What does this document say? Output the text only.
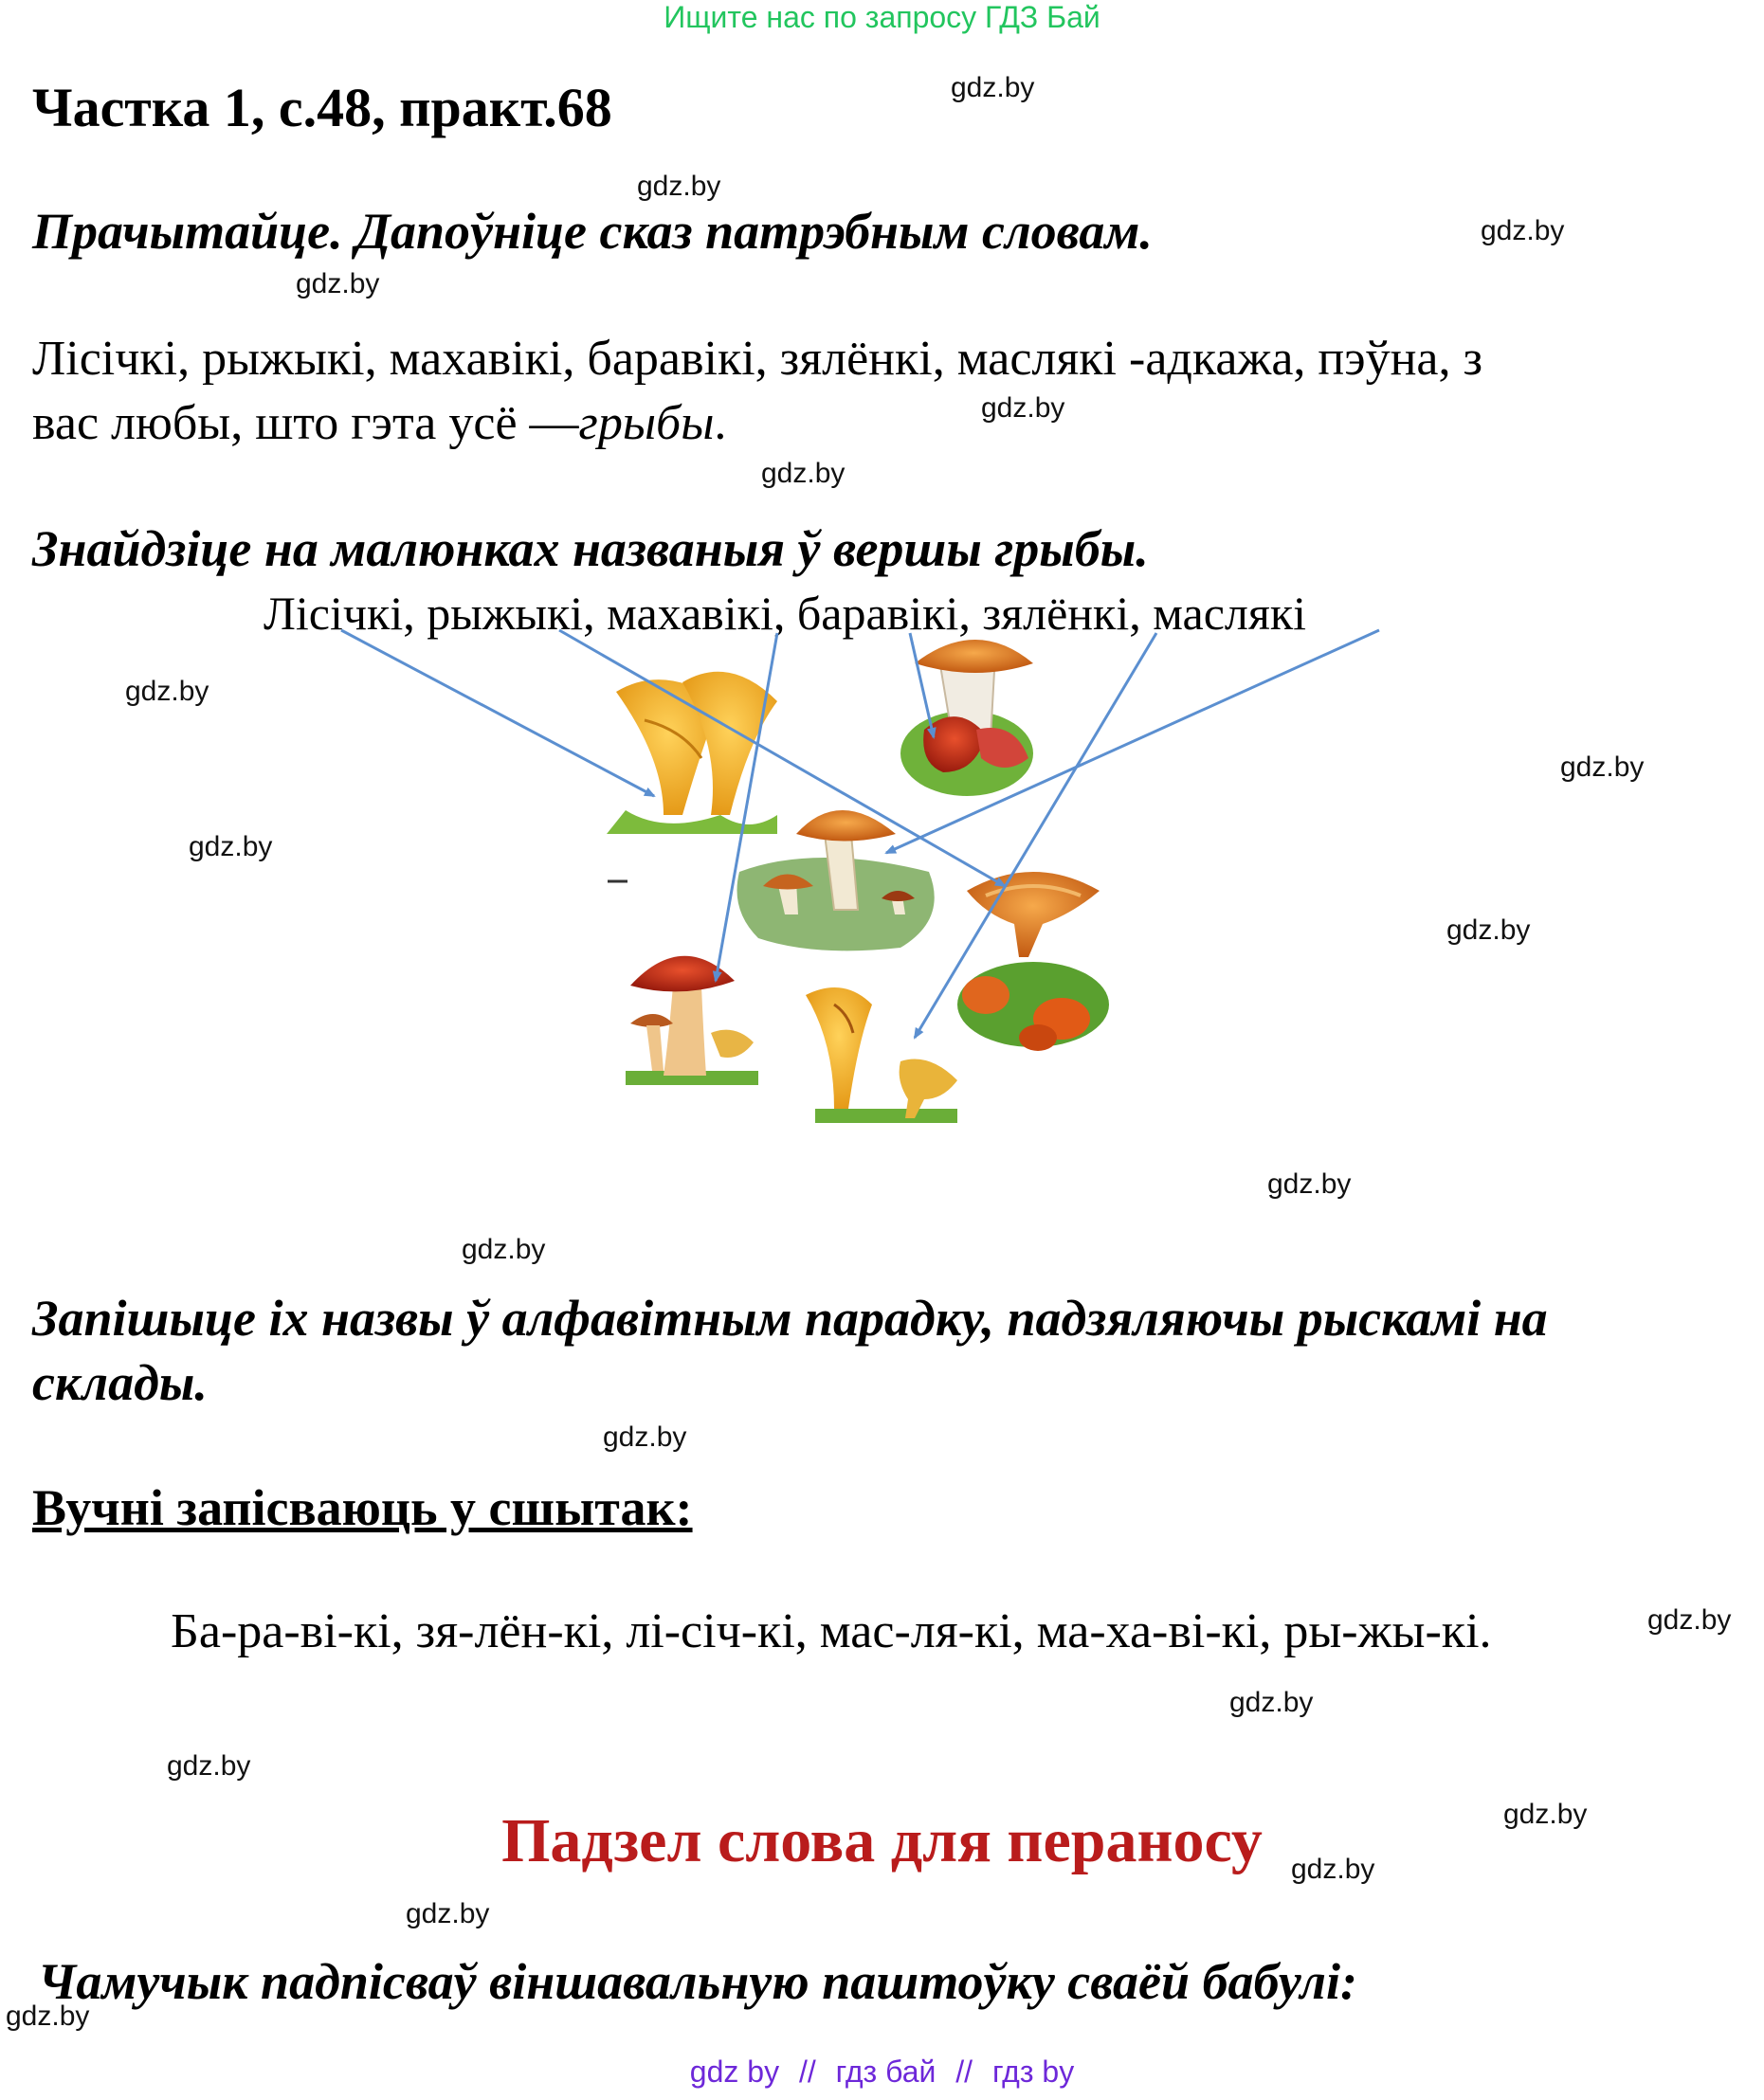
Ищите нас по запросу ГДЗ Бай
Частка 1, с.48, практ.68
Прачытайце. Дапоўніце сказ патрэбным словам.
Лісічкі, рыжыкі, махавікі, баравікі, зялёнкі, маслякі -адкажа, пэўна, з
вас любы, што гэта усё —грыбы.
Знайдзіце на малюнках названыя ў вершы грыбы.
Лісічкі, рыжыкі, махавікі, баравікі, зялёнкі, маслякі
Запішыце іх назвы ў алфавітным парадку, падзяляючы рыскамі на
склады.
Вучні запісваюць у сшытак:
Ба-ра-ві-кі, зя-лён-кі, лі-січ-кі, мас-ля-кі, ма-ха-ві-кі, ры-жы-кі.
Падзел слова для пераносу
Чамучык падпісваў віншавальную паштоўку сваёй бабулі:
gdz by // гдз бай // гдз by
gdz.by
gdz.by
gdz.by
gdz.by
gdz.by
gdz.by
gdz.by
gdz.by
gdz.by
gdz.by
gdz.by
gdz.by
gdz.by
gdz.by
gdz.by
gdz.by
gdz.by
gdz.by
gdz.by
gdz.by
